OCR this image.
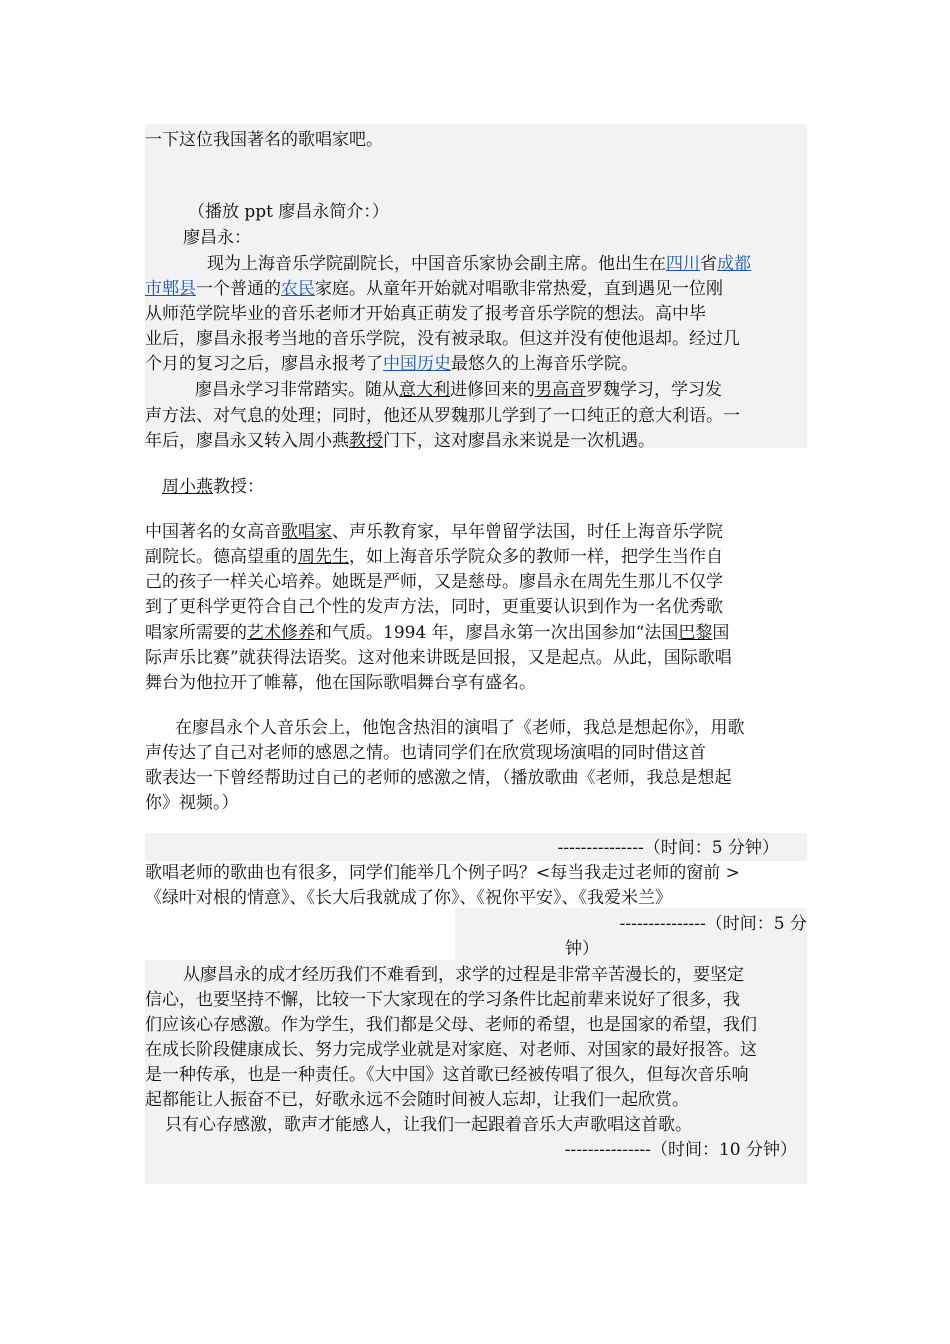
一下这位我国著名的歌唱家吧。
（播放 ppt 廖昌永简介：）
廖昌永：
现为上海音乐学院副院长，中国音乐家协会副主席。他出生在四川省成都
市郫县一个普通的农民家庭。从童年开始就对唱歌非常热爱，直到遇见一位刚
从师范学院毕业的音乐老师才开始真正萌发了报考音乐学院的想法。高中毕
业后，廖昌永报考当地的音乐学院，没有被录取。但这并没有使他退却。经过几
个月的复习之后，廖昌永报考了中国历史最悠久的上海音乐学院。
廖昌永学习非常踏实。随从意大利进修回来的男高音罗魏学习，学习发
声方法、对气息的处理；同时，他还从罗魏那儿学到了一口纯正的意大利语。一
年后，廖昌永又转入周小燕教授门下，这对廖昌永来说是一次机遇。
周小燕教授：
中国著名的女高音歌唱家、声乐教育家，早年曾留学法国，时任上海音乐学院
副院长。德高望重的周先生，如上海音乐学院众多的教师一样，把学生当作自
己的孩子一样关心培养。她既是严师，又是慈母。廖昌永在周先生那儿不仅学
到了更科学更符合自己个性的发声方法，同时，更重要认识到作为一名优秀歌
唱家所需要的艺术修养和气质。1994 年，廖昌永第一次出国参加“法国巴黎国
际声乐比赛”就获得法语奖。这对他来讲既是回报，又是起点。从此，国际歌唱
舞台为他拉开了帷幕，他在国际歌唱舞台享有盛名。
在廖昌永个人音乐会上，他饱含热泪的演唱了《老师，我总是想起你》，用歌
声传达了自己对老师的感恩之情。也请同学们在欣赏现场演唱的同时借这首
歌表达一下曾经帮助过自己的老师的感激之情，（播放歌曲《老师，我总是想起
你》视频。）
---------------（时间：5 分钟）
歌唱老师的歌曲也有很多，同学们能举几个例子吗？<每当我走过老师的窗前 >
《绿叶对根的情意》、《长大后我就成了你》、《祝你平安》、《我爱米兰》
---------------（时间：5 分
钟）
从廖昌永的成才经历我们不难看到，求学的过程是非常辛苦漫长的，要坚定
信心，也要坚持不懈，比较一下大家现在的学习条件比起前辈来说好了很多，我
们应该心存感激。作为学生，我们都是父母、老师的希望，也是国家的希望，我们
在成长阶段健康成长、努力完成学业就是对家庭、对老师、对国家的最好报答。这
是一种传承，也是一种责任。《大中国》这首歌已经被传唱了很久，但每次音乐响
起都能让人振奋不已，好歌永远不会随时间被人忘却，让我们一起欣赏。
只有心存感激，歌声才能感人，让我们一起跟着音乐大声歌唱这首歌。
---------------（时间：10 分钟）
